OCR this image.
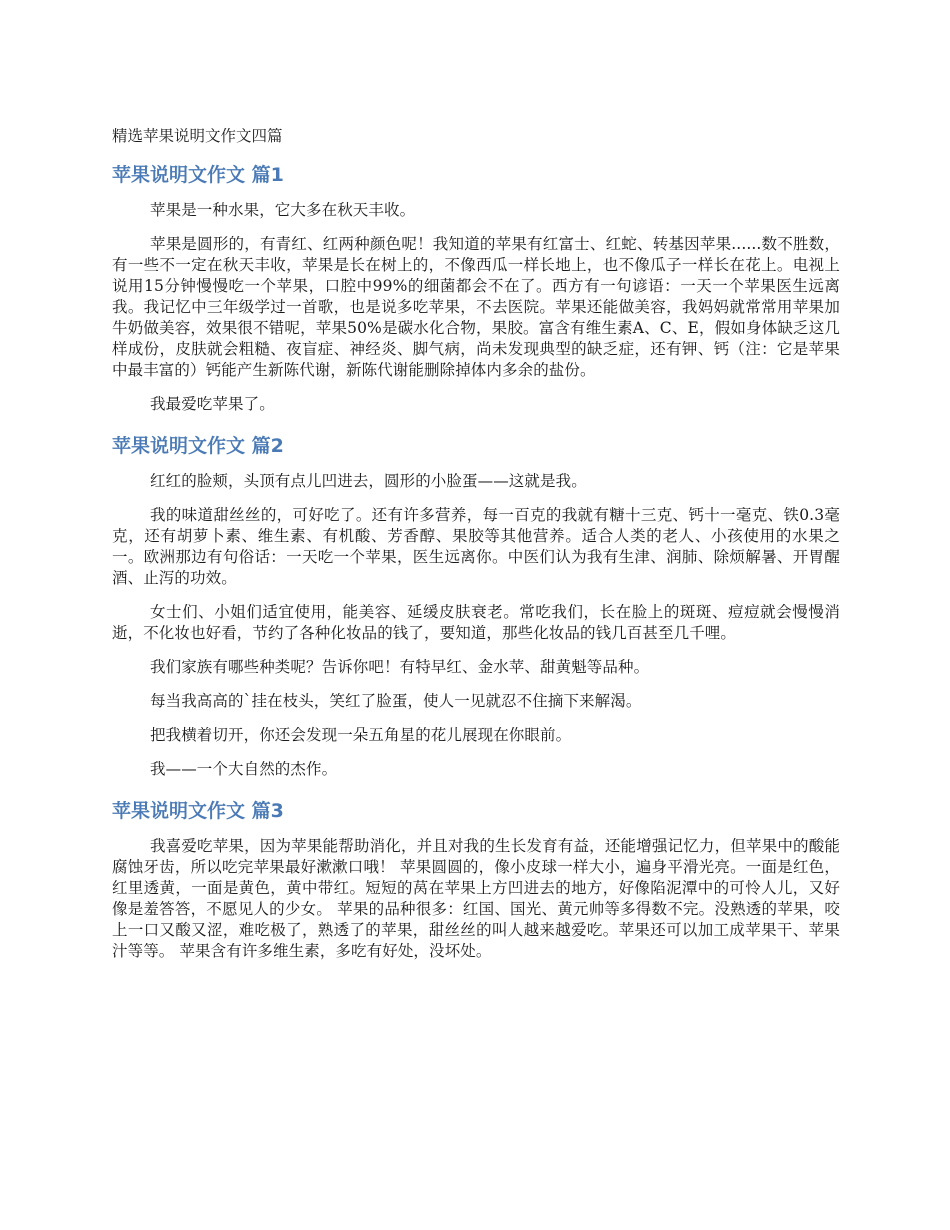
精选苹果说明文作文四篇
苹果说明文作文 篇1

苹果是一种水果，它大多在秋天丰收。

苹果是圆形的，有青红、红两种颜色呢！我知道的苹果有红富士、红蛇、转基因苹果......数不胜数，有一些不一定在秋天丰收，苹果是长在树上的，不像西瓜一样长地上，也不像瓜子一样长在花上。电视上说用15分钟慢慢吃一个苹果，口腔中99%的细菌都会不在了。西方有一句谚语：一天一个苹果医生远离我。我记忆中三年级学过一首歌，也是说多吃苹果，不去医院。苹果还能做美容，我妈妈就常常用苹果加牛奶做美容，效果很不错呢，苹果50%是碳水化合物，果胶。富含有维生素A、C、E，假如身体缺乏这几样成份，皮肤就会粗糙、夜盲症、神经炎、脚气病，尚未发现典型的缺乏症，还有钾、钙（注：它是苹果中最丰富的）钙能产生新陈代谢，新陈代谢能删除掉体内多余的盐份。

我最爱吃苹果了。

苹果说明文作文 篇2

红红的脸颊，头顶有点儿凹进去，圆形的小脸蛋——这就是我。

我的味道甜丝丝的，可好吃了。还有许多营养，每一百克的我就有糖十三克、钙十一毫克、铁0.3毫克，还有胡萝卜素、维生素、有机酸、芳香醇、果胶等其他营养。适合人类的老人、小孩使用的水果之一。欧洲那边有句俗话：一天吃一个苹果，医生远离你。中医们认为我有生津、润肺、除烦解暑、开胃醒酒、止泻的功效。

女士们、小姐们适宜使用，能美容、延缓皮肤衰老。常吃我们，长在脸上的斑斑、痘痘就会慢慢消逝，不化妆也好看，节约了各种化妆品的钱了，要知道，那些化妆品的钱几百甚至几千哩。

我们家族有哪些种类呢？告诉你吧！有特早红、金水苹、甜黄魁等品种。

每当我高高的`挂在枝头，笑红了脸蛋，使人一见就忍不住摘下来解渴。

把我横着切开，你还会发现一朵五角星的花儿展现在你眼前。

我——一个大自然的杰作。

苹果说明文作文 篇3

我喜爱吃苹果，因为苹果能帮助消化，并且对我的生长发育有益，还能增强记忆力，但苹果中的酸能腐蚀牙齿，所以吃完苹果最好漱漱口哦！ 苹果圆圆的，像小皮球一样大小，遍身平滑光亮。一面是红色，红里透黄，一面是黄色，黄中带红。短短的莴在苹果上方凹进去的地方，好像陷泥潭中的可怜人儿，又好像是羞答答，不愿见人的少女。 苹果的品种很多：红国、国光、黄元帅等多得数不完。没熟透的苹果，咬上一口又酸又涩，难吃极了，熟透了的苹果，甜丝丝的叫人越来越爱吃。苹果还可以加工成苹果干、苹果汁等等。 苹果含有许多维生素，多吃有好处，没坏处。
